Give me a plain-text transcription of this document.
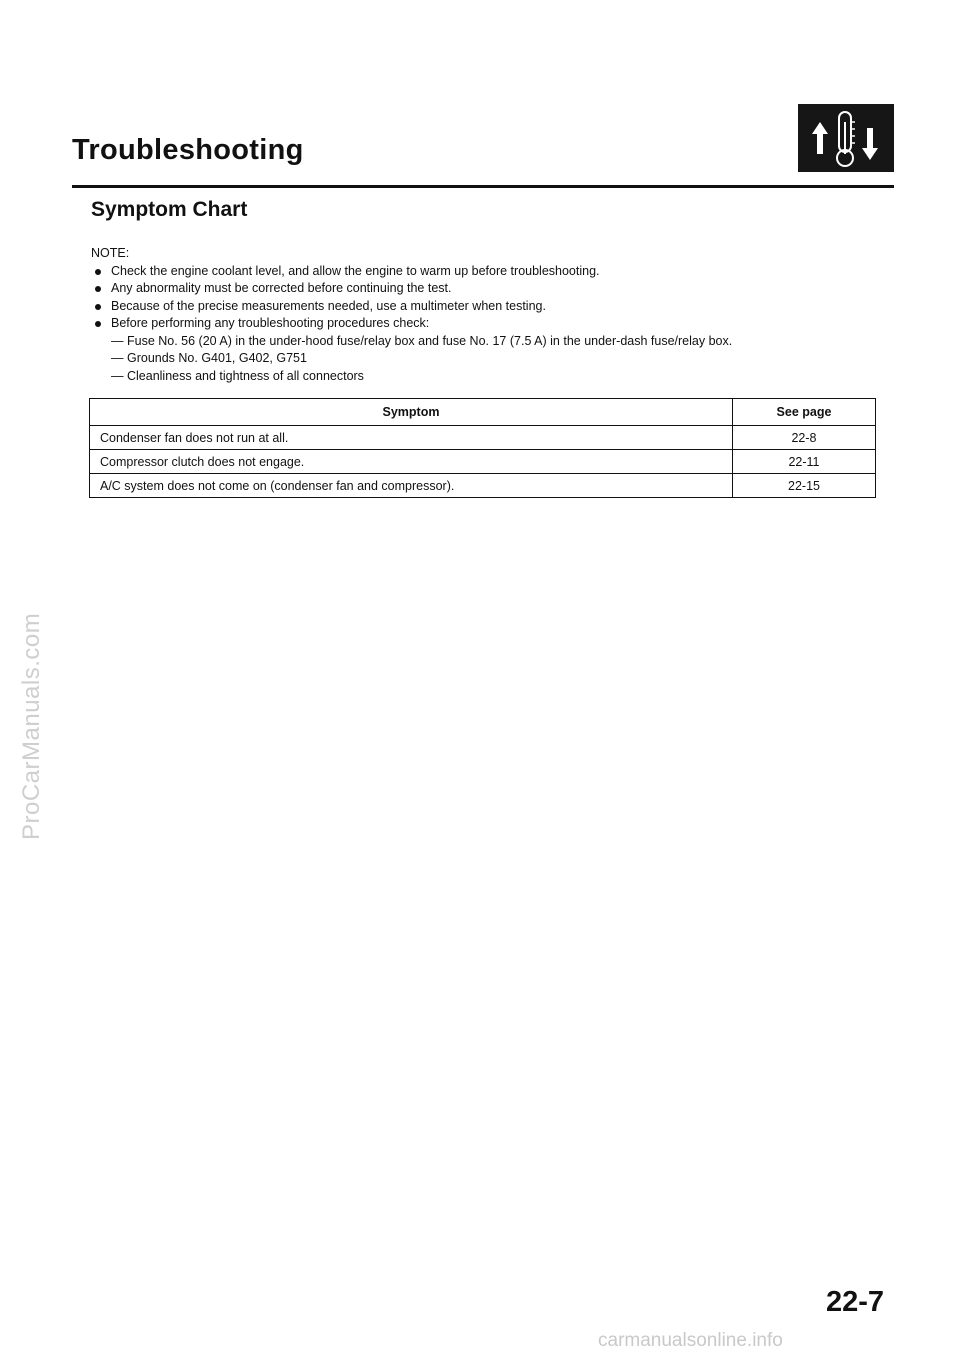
ProCarManuals.com
Troubleshooting
Symptom Chart
NOTE:
Check the engine coolant level, and allow the engine to warm up before troubleshooting.
Any abnormality must be corrected before continuing the test.
Because of the precise measurements needed, use a multimeter when testing.
Before performing any troubleshooting procedures check:
— Fuse No. 56 (20 A) in the under-hood fuse/relay box and fuse No. 17 (7.5 A) in the under-dash fuse/relay box.
— Grounds No. G401, G402, G751
— Cleanliness and tightness of all connectors
Symptom	See page
Condenser fan does not run at all.	22-8
Compressor clutch does not engage.	22-11
A/C system does not come on (condenser fan and compressor).	22-15
22-7
carmanualsonline.info
